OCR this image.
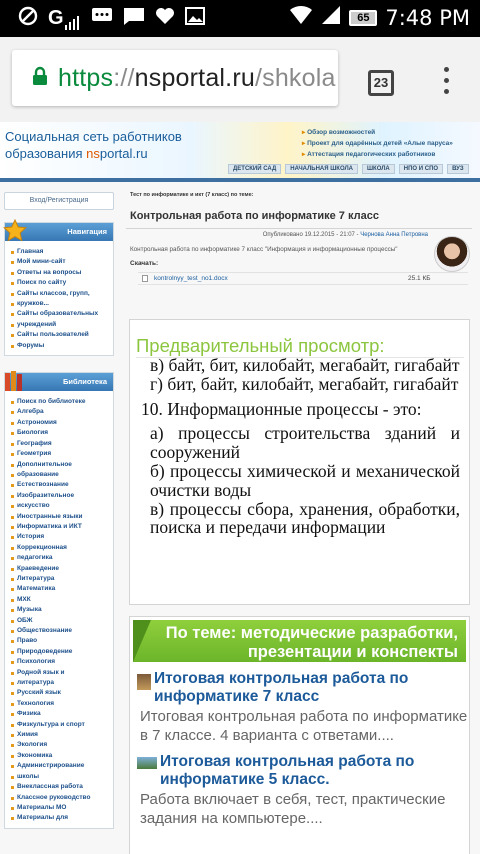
G	65 7:48 PM
https://nsportal.ru/shkola	23
Социальная сеть работников
образования nsportal.ru
▸ Обзор возможностей
▸ Проект для одарённых детей «Алые паруса»
▸ Аттестация педагогических работников
ДЕТСКИЙ САД	НАЧАЛЬНАЯ ШКОЛА	ШКОЛА	НПО И СПО	ВУЗ
Вход/Регистрация
Навигация
Главная
Мой мини-сайт
Ответы на вопросы
Поиск по сайту
Сайты классов, групп,
кружков...
Сайты образовательных
учреждений
Сайты пользователей
Форумы
Библиотека
Поиск по библиотеке
Алгебра
Астрономия
Биология
География
Геометрия
Дополнительное
образование
Естествознание
Изобразительное
искусство
Иностранные языки
Информатика и ИКТ
История
Коррекционная
педагогика
Краеведение
Литература
Математика
МХК
Музыка
ОБЖ
Обществознание
Право
Природоведение
Психология
Родной язык и
литература
Русский язык
Технология
Физика
Физкультура и спорт
Химия
Экология
Экономика
Администрирование
школы
Внеклассная работа
Классное руководство
Материалы МО
Материалы для
Тест по информатике и икт (7 класс) по теме:
Контрольная работа по информатике 7 класс
Опубликовано 19.12.2015 - 21:07 - Чернова Анна Петровна
Контрольная работа по информатике 7 класс "Информация и информационные процессы"
Скачать:
kontrolnyy_test_no1.docx	25.1 КБ
Предварительный просмотр:
в) байт, бит, килобайт, мегабайт, гигабайт
г) бит, байт, килобайт, мегабайт, гигабайт
10. Информационные процессы - это:
а) процессы строительства зданий и сооружений
б) процессы химической и механической очистки воды
в) процессы сбора, хранения, обработки, поиска и передачи информации
По теме: методические разработки, презентации и конспекты
Итоговая контрольная работа по информатике 7 класс
Итоговая контрольная работа по информатике в 7 классе. 4 варианта с ответами....
Итоговая контрольная работа по информатике 5 класс.
Работа включает в себя, тест, практические задания на компьютере....
